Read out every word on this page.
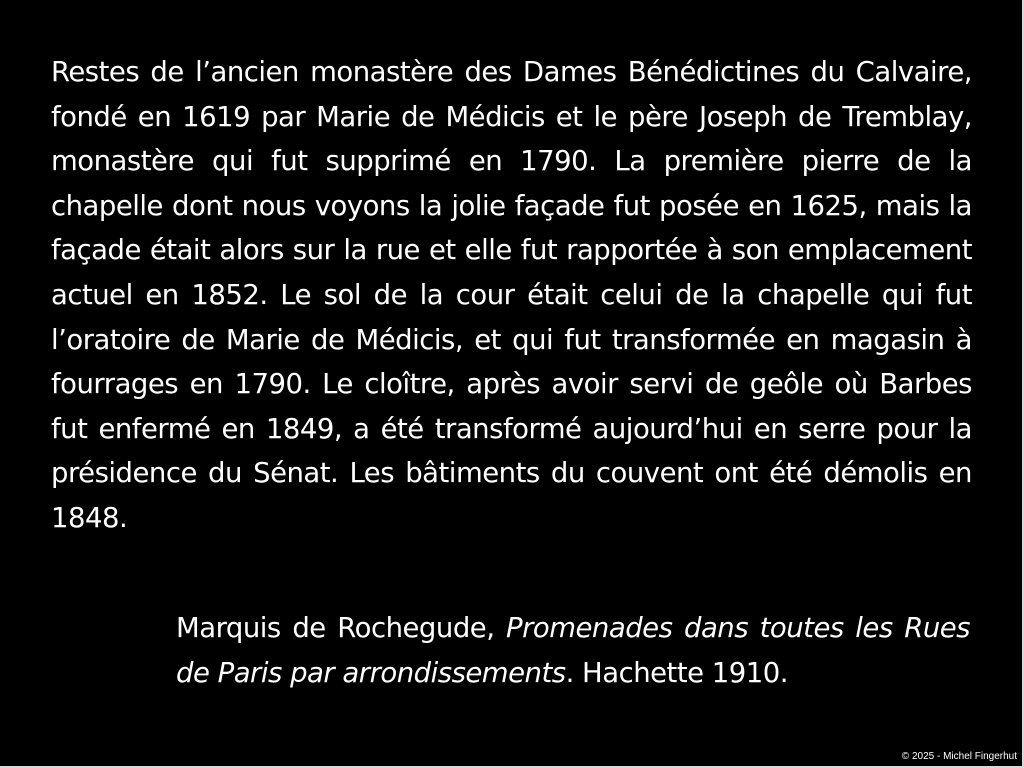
Restes de l’ancien monastère des Dames Bénédictines du Calvaire, fondé en 1619 par Marie de Médicis et le père Joseph de Tremblay, monastère qui fut supprimé en 1790. La première pierre de la chapelle dont nous voyons la jolie façade fut posée en 1625, mais la façade était alors sur la rue et elle fut rapportée à son emplacement actuel en 1852. Le sol de la cour était celui de la chapelle qui fut l’oratoire de Marie de Médicis, et qui fut transformée en magasin à fourrages en 1790. Le cloître, après avoir servi de geôle où Barbes fut enfermé en 1849, a été transformé aujourd’hui en serre pour la présidence du Sénat. Les bâtiments du couvent ont été démolis en 1848.

Marquis de Rochegude, Promenades dans toutes les Rues de Paris par arrondissements. Hachette 1910.

© 2025 - Michel Fingerhut
